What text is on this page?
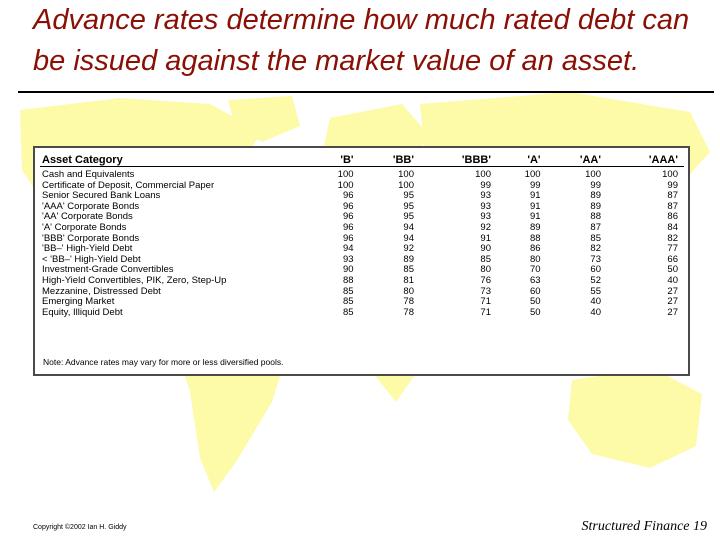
Advance rates determine how much rated debt can be issued against the market value of an asset.
Asset Category	'B'	'BB'	'BBB'	'A'	'AA'	'AAA'
Cash and Equivalents	100	100	100	100	100	100
Certificate of Deposit, Commercial Paper	100	100	99	99	99	99
Senior Secured Bank Loans	96	95	93	91	89	87
'AAA' Corporate Bonds	96	95	93	91	89	87
'AA' Corporate Bonds	96	95	93	91	88	86
'A' Corporate Bonds	96	94	92	89	87	84
'BBB' Corporate Bonds	96	94	91	88	85	82
'BB–' High-Yield Debt	94	92	90	86	82	77
< 'BB–' High-Yield Debt	93	89	85	80	73	66
Investment-Grade Convertibles	90	85	80	70	60	50
High-Yield Convertibles, PIK, Zero, Step-Up	88	81	76	63	52	40
Mezzanine, Distressed Debt	85	80	73	60	55	27
Emerging Market	85	78	71	50	40	27
Equity, Illiquid Debt	85	78	71	50	40	27
Note: Advance rates may vary for more or less diversified pools.
Copyright ©2002 Ian H. Giddy	Structured Finance 19
